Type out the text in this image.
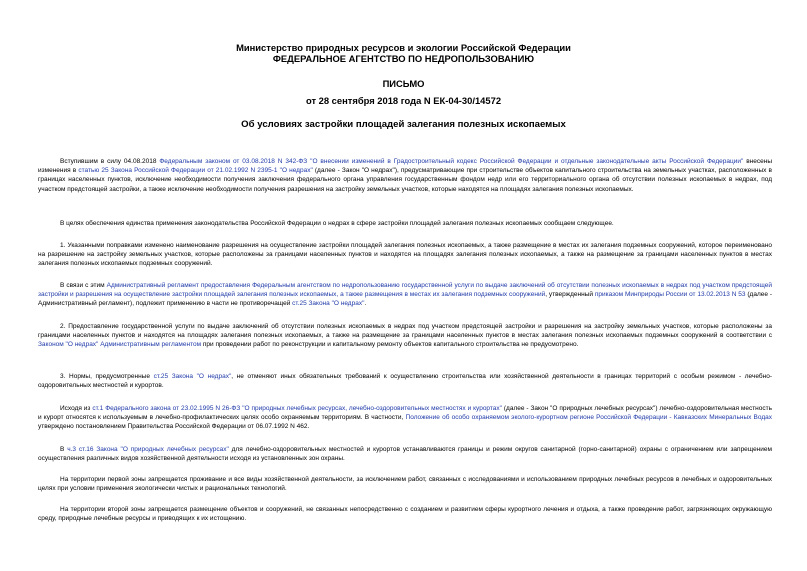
Министерство природных ресурсов и экологии Российской Федерации
ФЕДЕРАЛЬНОЕ АГЕНТСТВО ПО НЕДРОПОЛЬЗОВАНИЮ
ПИСЬМО
от 28 сентября 2018 года N ЕК-04-30/14572
Об условиях застройки площадей залегания полезных ископаемых

Вступившим в силу 04.08.2018 Федеральным законом от 03.08.2018 N 342-ФЗ "О внесении изменений в Градостроительный кодекс Российской Федерации и отдельные законодательные акты Российской Федерации" внесены изменения в статью 25 Закона Российской Федерации от 21.02.1992 N 2395-1 "О недрах" (далее - Закон "О недрах"), предусматривающие при строительстве объектов капитального строительства на земельных участках, расположенных в границах населенных пунктов, исключение необходимости получения заключения федерального органа управления государственным фондом недр или его территориального органа об отсутствии полезных ископаемых в недрах, под участком предстоящей застройки, а также исключение необходимости получения разрешения на застройку земельных участков, которые находятся на площадях залегания полезных ископаемых.

В целях обеспечения единства применения законодательства Российской Федерации о недрах в сфере застройки площадей залегания полезных ископаемых сообщаем следующее.

1. Указанными поправками изменено наименование разрешения на осуществление застройки площадей залегания полезных ископаемых, а также размещение в местах их залегания подземных сооружений, которое переименовано на разрешение на застройку земельных участков, которые расположены за границами населенных пунктов и находятся на площадях залегания полезных ископаемых, а также на размещение за границами населенных пунктов в местах залегания полезных ископаемых подземных сооружений.

В связи с этим Административный регламент предоставления Федеральным агентством по недропользованию государственной услуги по выдаче заключений об отсутствии полезных ископаемых в недрах под участком предстоящей застройки и разрешения на осуществление застройки площадей залегания полезных ископаемых, а также размещения в местах их залегания подземных сооружений, утвержденный приказом Минприроды России от 13.02.2013 N 53 (далее - Административный регламент), подлежит применению в части не противоречащей ст.25 Закона "О недрах".

2. Предоставление государственной услуги по выдаче заключений об отсутствии полезных ископаемых в недрах под участком предстоящей застройки и разрешения на застройку земельных участков, которые расположены за границами населенных пунктов и находятся на площадях залегания полезных ископаемых, а также на размещение за границами населенных пунктов в местах залегания полезных ископаемых подземных сооружений в соответствии с Законом "О недрах" Административным регламентом при проведении работ по реконструкции и капитальному ремонту объектов капитального строительства не предусмотрено.

3. Нормы, предусмотренные ст.25 Закона "О недрах", не отменяют иных обязательных требований к осуществлению строительства или хозяйственной деятельности в границах территорий с особым режимом - лечебно-оздоровительных местностей и курортов.

Исходя из ст.1 Федерального закона от 23.02.1995 N 26-ФЗ "О природных лечебных ресурсах, лечебно-оздоровительных местностях и курортах" (далее - Закон "О природных лечебных ресурсах") лечебно-оздоровительная местность и курорт относятся к используемым в лечебно-профилактических целях особо охраняемым территориям. В частности, Положение об особо охраняемом эколого-курортном регионе Российской Федерации - Кавказских Минеральных Водах утверждено постановлением Правительства Российской Федерации от 06.07.1992 N 462.

В ч.3 ст.16 Закона "О природных лечебных ресурсах" для лечебно-оздоровительных местностей и курортов устанавливаются границы и режим округов санитарной (горно-санитарной) охраны с ограничением или запрещением осуществления различных видов хозяйственной деятельности исходя из установленных зон охраны.

На территории первой зоны запрещается проживание и все виды хозяйственной деятельности, за исключением работ, связанных с исследованиями и использованием природных лечебных ресурсов в лечебных и оздоровительных целях при условии применения экологически чистых и рациональных технологий.

На территории второй зоны запрещается размещение объектов и сооружений, не связанных непосредственно с созданием и развитием сферы курортного лечения и отдыха, а также проведение работ, загрязняющих окружающую среду, природные лечебные ресурсы и приводящих к их истощению.
